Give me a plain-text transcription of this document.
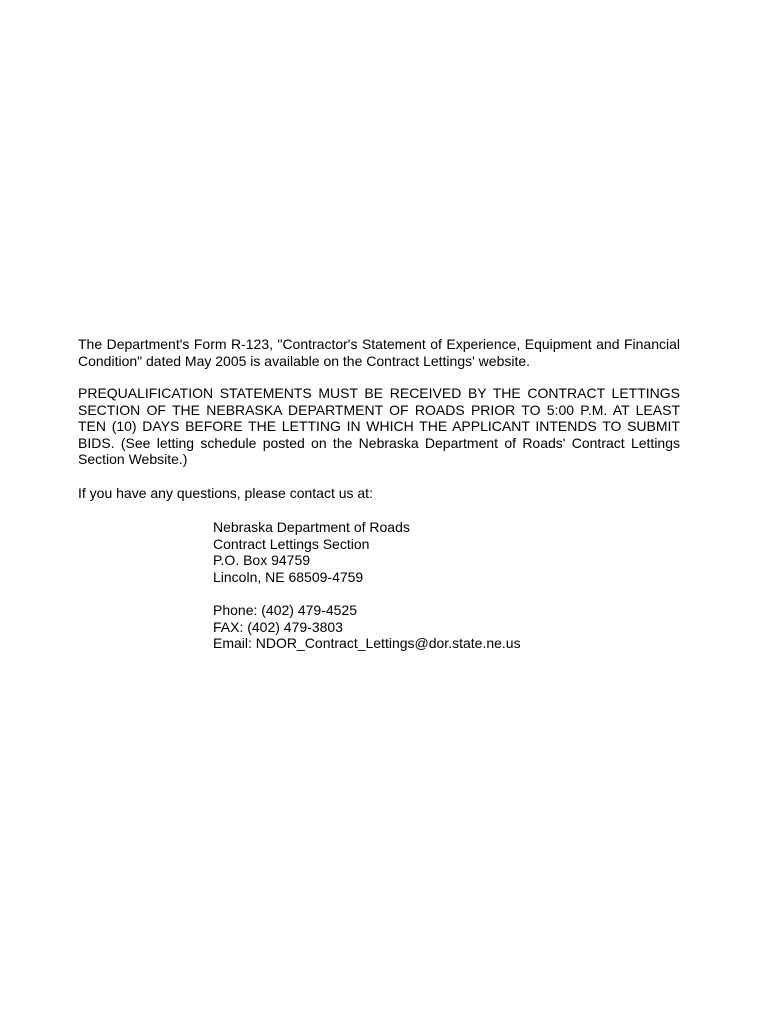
The Department's Form R-123, "Contractor's Statement of Experience, Equipment and Financial Condition" dated May 2005 is available on the Contract Lettings' website.

PREQUALIFICATION STATEMENTS MUST BE RECEIVED BY THE CONTRACT LETTINGS SECTION OF THE NEBRASKA DEPARTMENT OF ROADS PRIOR TO 5:00 P.M. AT LEAST TEN (10) DAYS BEFORE THE LETTING IN WHICH THE APPLICANT INTENDS TO SUBMIT BIDS. (See letting schedule posted on the Nebraska Department of Roads' Contract Lettings Section Website.)

If you have any questions, please contact us at:

Nebraska Department of Roads
Contract Lettings Section
P.O. Box 94759
Lincoln, NE 68509-4759
Phone: (402) 479-4525
FAX: (402) 479-3803
Email: NDOR_Contract_Lettings@dor.state.ne.us
